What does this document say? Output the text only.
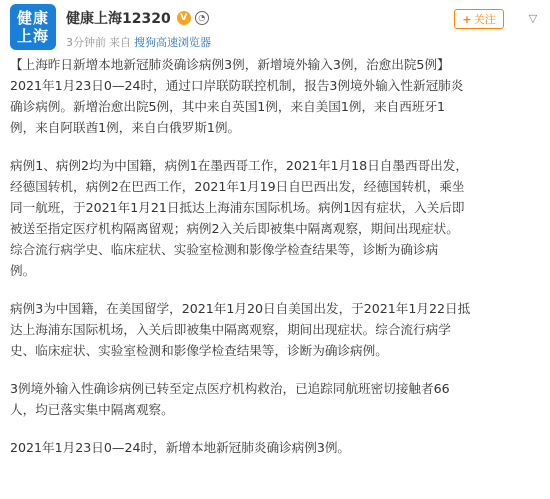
健康
上海
健康上海12320	V	◔
3分钟前 来自 搜狗高速浏览器
+ 关注	▽

【上海昨日新增本地新冠肺炎确诊病例3例，新增境外输入3例，治愈出院5例】

2021年1月23日0—24时，通过口岸联防联控机制，报告3例境外输入性新冠肺炎

确诊病例。新增治愈出院5例，其中来自英国1例，来自美国1例，来自西班牙1

例，来自阿联酋1例，来自白俄罗斯1例。

病例1、病例2均为中国籍，病例1在墨西哥工作，2021年1月18日自墨西哥出发，

经德国转机，病例2在巴西工作，2021年1月19日自巴西出发，经德国转机，乘坐

同一航班，于2021年1月21日抵达上海浦东国际机场。病例1因有症状，入关后即

被送至指定医疗机构隔离留观；病例2入关后即被集中隔离观察，期间出现症状。

综合流行病学史、临床症状、实验室检测和影像学检查结果等，诊断为确诊病

例。

病例3为中国籍，在美国留学，2021年1月20日自美国出发，于2021年1月22日抵

达上海浦东国际机场，入关后即被集中隔离观察，期间出现症状。综合流行病学

史、临床症状、实验室检测和影像学检查结果等，诊断为确诊病例。

3例境外输入性确诊病例已转至定点医疗机构救治，已追踪同航班密切接触者66

人，均已落实集中隔离观察。

2021年1月23日0—24时，新增本地新冠肺炎确诊病例3例。
